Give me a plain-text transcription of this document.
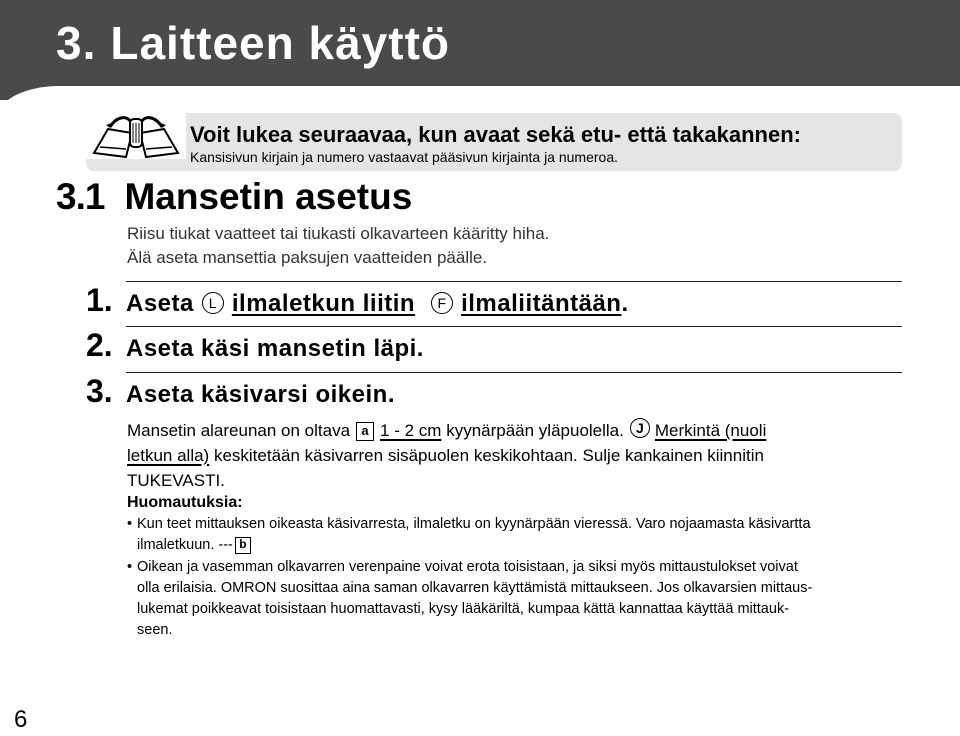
3. Laitteen käyttö
Voit lukea seuraavaa, kun avaat sekä etu- että takakannen:
Kansisivun kirjain ja numero vastaavat pääsivun kirjainta ja numeroa.
3.1 Mansetin asetus
Riisu tiukat vaatteet tai tiukasti olkavarteen kääritty hiha.
Älä aseta mansettia paksujen vaatteiden päälle.
1. Aseta L ilmaletkun liitin F ilmaliitäntään.
2. Aseta käsi mansetin läpi.
3. Aseta käsivarsi oikein.
Mansetin alareunan on oltava a 1 - 2 cm kyynärpään yläpuolella. J Merkintä (nuoli
letkun alla) keskitetään käsivarren sisäpuolen keskikohtaan. Sulje kankainen kiinnitin
TUKEVASTI.
Huomautuksia:
• Kun teet mittauksen oikeasta käsivarresta, ilmaletku on kyynärpään vieressä. Varo nojaamasta käsivartta
ilmaletkuun. --- b
• Oikean ja vasemman olkavarren verenpaine voivat erota toisistaan, ja siksi myös mittaustulokset voivat
olla erilaisia. OMRON suosittaa aina saman olkavarren käyttämistä mittaukseen. Jos olkavarsien mittaus-
lukemat poikkeavat toisistaan huomattavasti, kysy lääkäriltä, kumpaa kättä kannattaa käyttää mittauk-
seen.
6
